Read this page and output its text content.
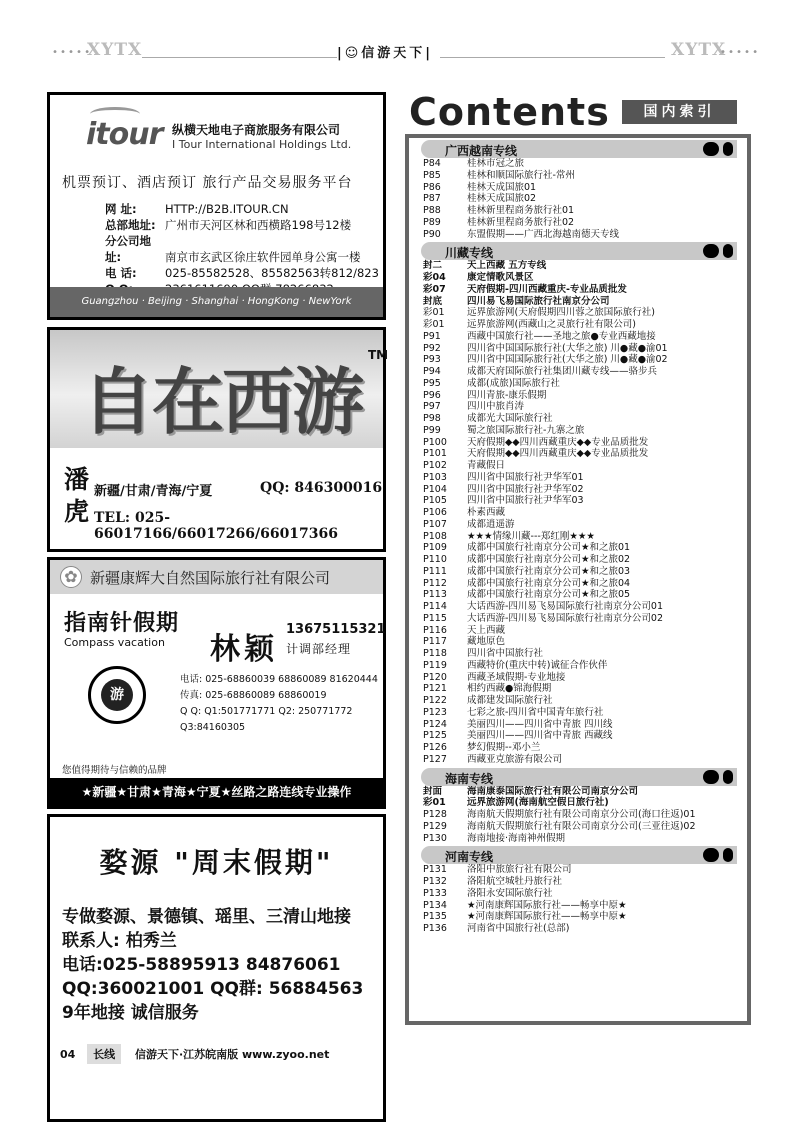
•••••
XYTX	|☺信游天下|	XYTX
•••••
itour 纵横天地电子商旅服务有限公司
I Tour International Holdings Ltd.
机票预订、酒店预订 旅行产品交易服务平台
网 址: HTTP://B2B.ITOUR.CN
总部地址: 广州市天河区林和西横路198号12楼
分公司地址:	南京市玄武区徐庄软件园单身公寓一楼
电 话: 025-85582528、85582563转812/823
Guangzhou · Beijing · Shanghai · HongKong · NewYork
自在西游
TM
潘虎
新疆/甘肃/青海/宁夏	QQ: 846300016
TEL: 025-66017166/66017266/66017366
✿ 新疆康辉大自然国际旅行社有限公司
指南针假期
Compass vacation 林颖
13675115321
计调部经理
游
电话: 025-68860039 68860089 81620444
传真: 025-68860089 68860019
Q Q: Q1:501771771 Q2: 250771772
Q3:84160305
您值得期待与信赖的品牌
★新疆★甘肃★青海★宁夏★丝路之路连线专业操作
婺源 "周末假期"
专做婺源、景德镇、瑶里、三清山地接
联系人: 柏秀兰
电话:025-58895913 84876061
QQ:360021001 QQ群: 56884563
9年地接 诚信服务
04 长线 信游天下·江苏皖南版 www.zyoo.net
Contents	国内索引
广西越南专线
P84	桂林市冠之旅
P85	桂林和顺国际旅行社-常州
P86	桂林天成国旅01
P87	桂林天成国旅02
P88	桂林新里程商务旅行社01
P89	桂林新里程商务旅行社02
P90	东盟假期——广西北海越南德天专线
川藏专线
封二	天上西藏 五方专线
彩04	康定情歌风景区
彩07	天府假期-四川西藏重庆-专业品质批发
封底	四川易飞易国际旅行社南京分公司
彩01	远界旅游网(天府假期四川蓉之旅国际旅行社)
彩01	远界旅游网(西藏山之灵旅行社有限公司)
P91	西藏中国旅行社——圣地之旅●专业西藏地接
P92	四川省中国国际旅行社(大华之旅) 川●藏●渝01
P93	四川省中国国际旅行社(大华之旅) 川●藏●渝02
P94	成都天府国际旅行社集团川藏专线——骆步兵
P95	成都(成旅)国际旅行社
P96	四川青旅-康乐假期
P97	四川中旅肖涛
P98	成都光大国际旅行社
P99	蜀之旅国际旅行社-九寨之旅
P100	天府假期◆◆四川西藏重庆◆◆专业品质批发
P101	天府假期◆◆四川西藏重庆◆◆专业品质批发
P102	青藏假日
P103	四川省中国旅行社尹华军01
P104	四川省中国旅行社尹华军02
P105	四川省中国旅行社尹华军03
P106	朴素西藏
P107	成都逍遥游
P108	★★★情缘川藏---郑红刚★★★
P109	成都中国旅行社南京分公司★和之旅01
P110	成都中国旅行社南京分公司★和之旅02
P111	成都中国旅行社南京分公司★和之旅03
P112	成都中国旅行社南京分公司★和之旅04
P113	成都中国旅行社南京分公司★和之旅05
P114	大话西游-四川易飞易国际旅行社南京分公司01
P115	大话西游-四川易飞易国际旅行社南京分公司02
P116	天上西藏
P117	藏地原色
P118	四川省中国旅行社
P119	西藏特价(重庆中转)诚征合作伙伴
P120	西藏圣域假期-专业地接
P121	相约西藏●锦海假期
P122	成都建发国际旅行社
P123	七彩之旅-四川省中国青年旅行社
P124	美丽四川——四川省中青旅 四川线
P125	美丽四川——四川省中青旅 西藏线
P126	梦幻假期--邓小兰
P127	西藏亚克旅游有限公司
海南专线
封面	海南康泰国际旅行社有限公司南京分公司
彩01	远界旅游网(海南航空假日旅行社)
P128	海南航天假期旅行社有限公司南京分公司(海口往返)01
P129	海南航天假期旅行社有限公司南京分公司(三亚往返)02
P130	海南地接·海南神州假期
河南专线
P131	洛阳中旅旅行社有限公司
P132	洛阳航空城牡丹旅行社
P133	洛阳永安国际旅行社
P134	★河南康辉国际旅行社——畅享中原★
P135	★河南康辉国际旅行社——畅享中原★
P136	河南省中国旅行社(总部)
